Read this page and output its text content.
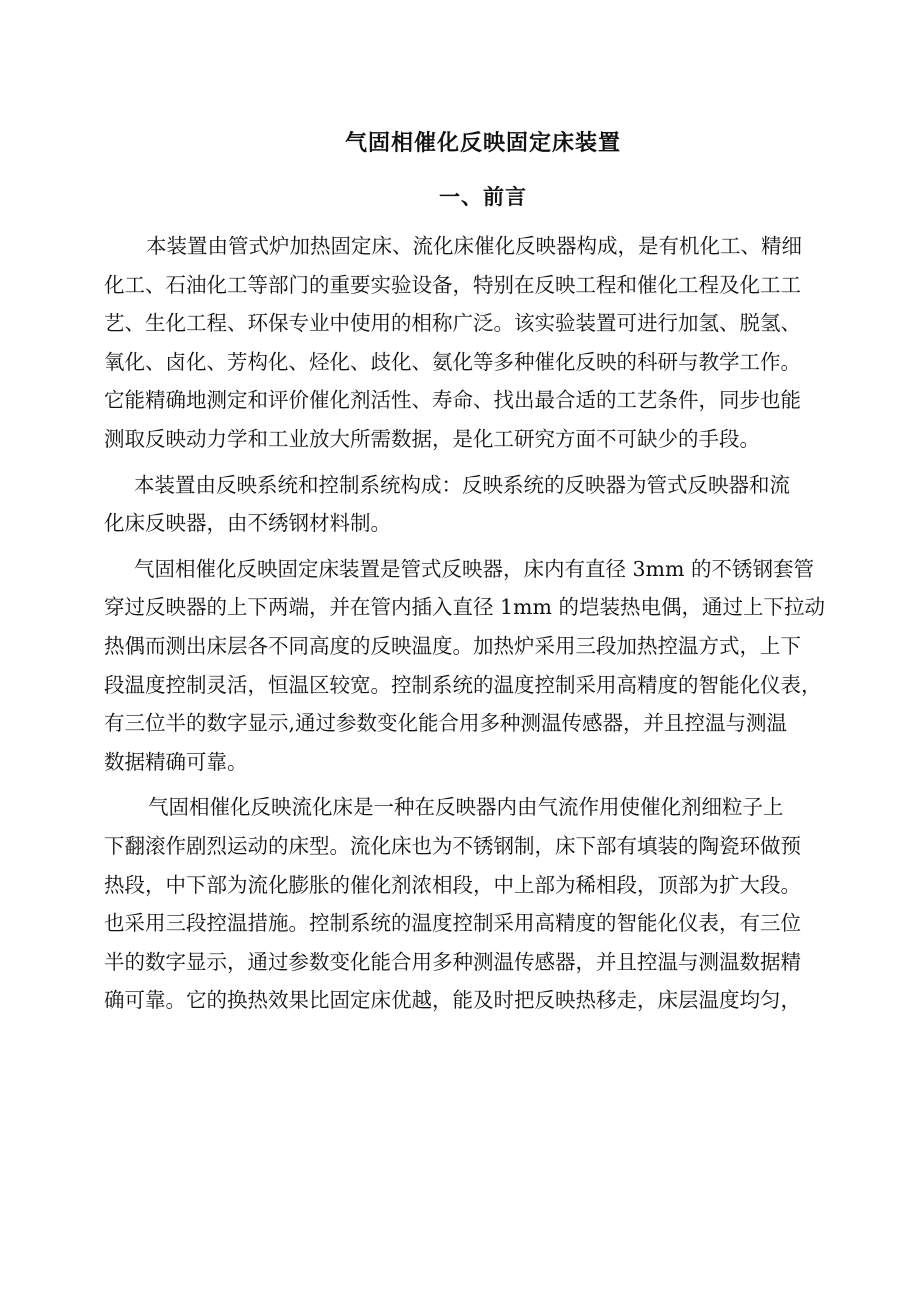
气固相催化反映固定床装置
一、前言

本装置由管式炉加热固定床、流化床催化反映器构成，是有机化工、精细
化工、石油化工等部门的重要实验设备，特别在反映工程和催化工程及化工工
艺、生化工程、环保专业中使用的相称广泛。该实验装置可进行加氢、脱氢、
氧化、卤化、芳构化、烃化、歧化、氨化等多种催化反映的科研与教学工作。
它能精确地测定和评价催化剂活性、寿命、找出最合适的工艺条件，同步也能
测取反映动力学和工业放大所需数据，是化工研究方面不可缺少的手段。

本装置由反映系统和控制系统构成：反映系统的反映器为管式反映器和流
化床反映器，由不绣钢材料制。

气固相催化反映固定床装置是管式反映器，床内有直径 3mm 的不锈钢套管
穿过反映器的上下两端，并在管内插入直径 1mm 的垲装热电偶，通过上下拉动
热偶而测出床层各不同高度的反映温度。加热炉采用三段加热控温方式，上下
段温度控制灵活，恒温区较宽。控制系统的温度控制采用高精度的智能化仪表，
有三位半的数字显示,通过参数变化能合用多种测温传感器，并且控温与测温
数据精确可靠。

气固相催化反映流化床是一种在反映器内由气流作用使催化剂细粒子上
下翻滚作剧烈运动的床型。流化床也为不锈钢制，床下部有填装的陶瓷环做预
热段，中下部为流化膨胀的催化剂浓相段，中上部为稀相段，顶部为扩大段。
也采用三段控温措施。控制系统的温度控制采用高精度的智能化仪表，有三位
半的数字显示，通过参数变化能合用多种测温传感器，并且控温与测温数据精
确可靠。它的换热效果比固定床优越，能及时把反映热移走，床层温度均匀，
